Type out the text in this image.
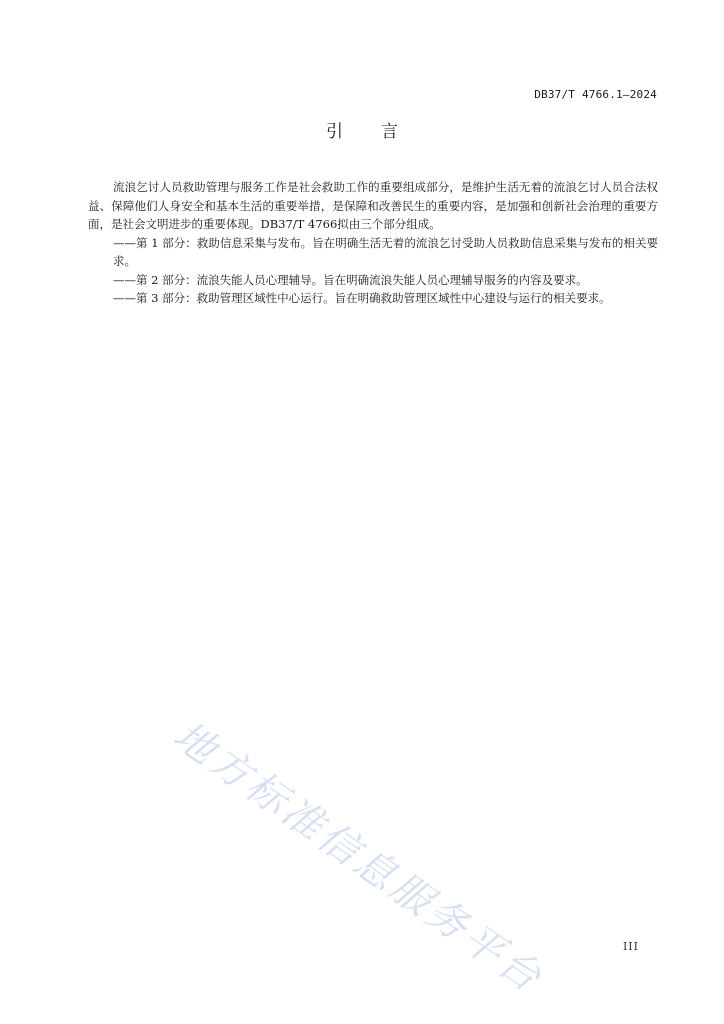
DB37/T 4766.1—2024
引言

流浪乞讨人员救助管理与服务工作是社会救助工作的重要组成部分，是维护生活无着的流浪乞讨人员合法权益、保障他们人身安全和基本生活的重要举措，是保障和改善民生的重要内容，是加强和创新社会治理的重要方面，是社会文明进步的重要体现。DB37/T 4766拟由三个部分组成。

——第 1 部分：救助信息采集与发布。旨在明确生活无着的流浪乞讨受助人员救助信息采集与发布的相关要求。

——第 2 部分：流浪失能人员心理辅导。旨在明确流浪失能人员心理辅导服务的内容及要求。

——第 3 部分：救助管理区域性中心运行。旨在明确救助管理区域性中心建设与运行的相关要求。

地方标准信息服务平台	III
